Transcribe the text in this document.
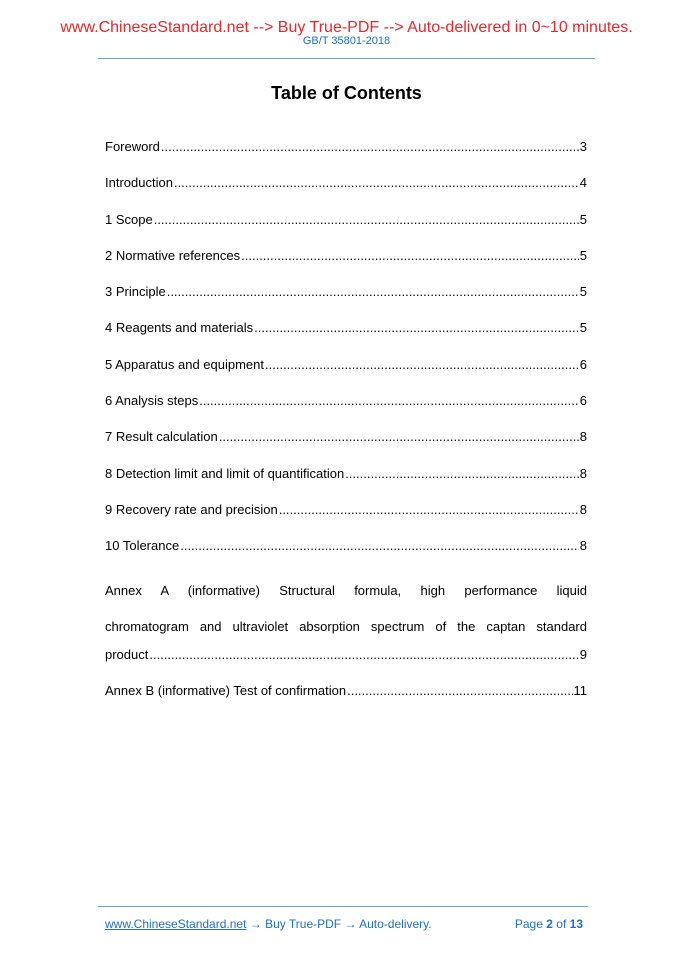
www.ChineseStandard.net --> Buy True-PDF --> Auto-delivered in 0~10 minutes.
GB/T 35801-2018
Table of Contents
Foreword .....	3
Introduction .....	4
1 Scope .....	5
2 Normative references .....	5
3 Principle .....	5
4 Reagents and materials .....	5
5 Apparatus and equipment .....	6
6 Analysis steps .....	6
7 Result calculation .....	8
8 Detection limit and limit of quantification .....	8
9 Recovery rate and precision .....	8
10 Tolerance .....	8
Annex A (informative) Structural formula, high performance liquid
chromatogram and ultraviolet absorption spectrum of the captan standard
product .....	9
Annex B (informative) Test of confirmation .....	11
www.ChineseStandard.net → Buy True-PDF → Auto-delivery.	Page 2 of 13
